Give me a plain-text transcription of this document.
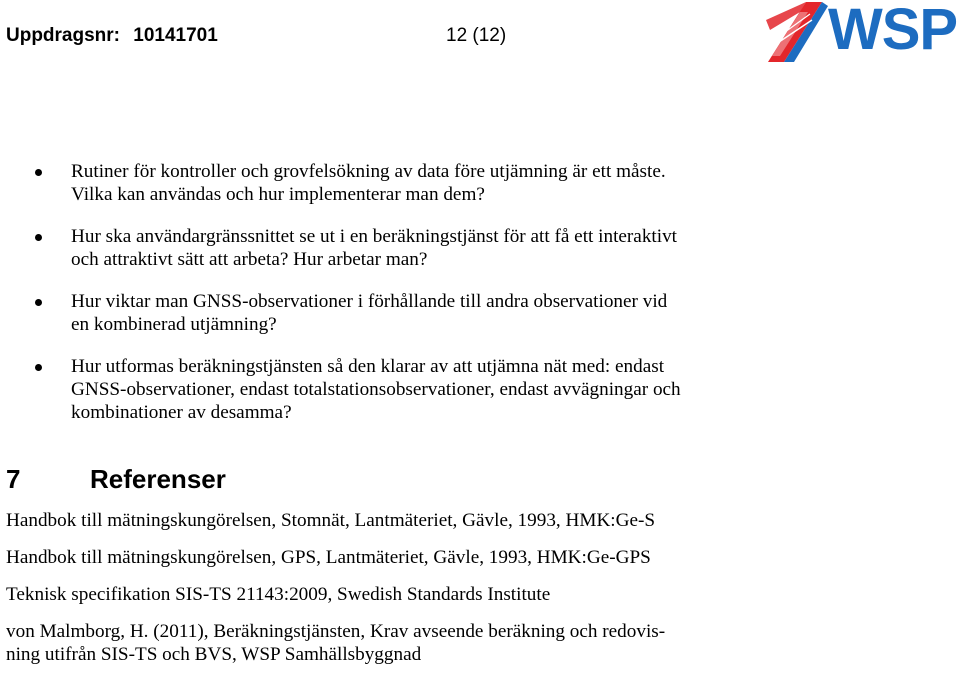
Uppdragsnr: 10141701	12 (12)	WSP
Rutiner för kontroller och grovfelsökning av data före utjämning är ett måste.
Vilka kan användas och hur implementerar man dem?
Hur ska användargränssnittet se ut i en beräkningstjänst för att få ett interaktivt
och attraktivt sätt att arbeta? Hur arbetar man?
Hur viktar man GNSS-observationer i förhållande till andra observationer vid
en kombinerad utjämning?
Hur utformas beräkningstjänsten så den klarar av att utjämna nät med: endast
GNSS-observationer, endast totalstationsobservationer, endast avvägningar och
kombinationer av desamma?
7	Referenser

Handbok till mätningskungörelsen, Stomnät, Lantmäteriet, Gävle, 1993, HMK:Ge-S

Handbok till mätningskungörelsen, GPS, Lantmäteriet, Gävle, 1993, HMK:Ge-GPS

Teknisk specifikation SIS-TS 21143:2009, Swedish Standards Institute

von Malmborg, H. (2011), Beräkningstjänsten, Krav avseende beräkning och redovis-
ning utifrån SIS-TS och BVS, WSP Samhällsbyggnad
